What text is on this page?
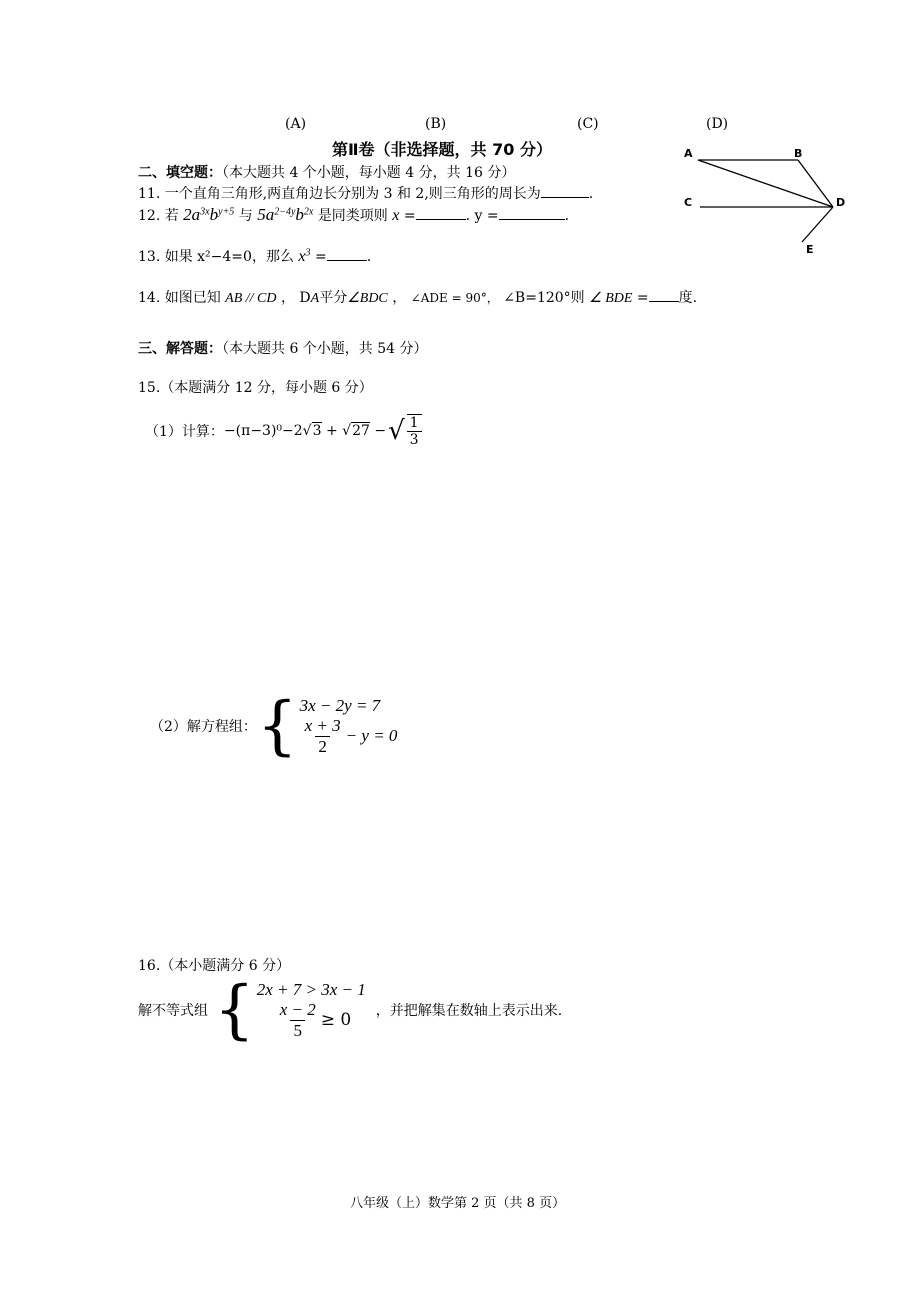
(A)	(B)	(C)	(D)
A	B
C	D
E
第Ⅱ卷（非选择题，共 70 分）
二、填空题：（本大题共 4 个小题，每小题 4 分，共 16 分）
11. 一个直角三角形,两直角边长分别为 3 和 2,则三角形的周长为	.
12. 若 $2a^{3x}b^{y+5}$ 与 $5a^{2-4y}b^{2x}$ 是同类项则 x =	. y =	.
13. 如果 x²−4=0，那么 $x^3$ =	.
14. 如图已知 AB // CD ， DA平分∠BDC ， ∠ADE = 90°， ∠B=120°则 ∠ BDE = 度.
三、解答题：（本大题共 6 个小题，共 54 分）
15.（本题满分 12 分，每小题 6 分）
（1）计算： −(π−3)⁰−2 √3 + √27 − √ $\frac{1}{3}$
（2）解方程组： { 3x − 2y = 7
$\frac{x + 3}{2} - y = 0$
16.（本小题满分 6 分）
解不等式组 { 2x + 7 > 3x − 1
$\frac{x - 2}{5} \ge 0$ ，并把解集在数轴上表示出来.
八年级（上）数学第 2 页（共 8 页）
